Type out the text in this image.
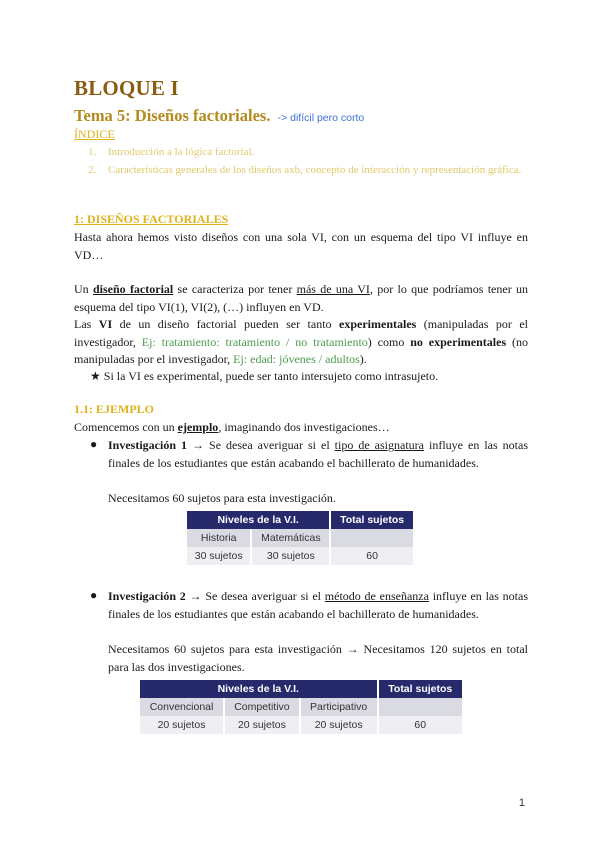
BLOQUE I
Tema 5: Diseños factoriales. -> difícil pero corto
ÍNDICE
1.	Introducción a la lógica factorial.
2.	Características generales de los diseños axb, concepto de interacción y representación gráfica.
1: DISEÑOS FACTORIALES
Hasta ahora hemos visto diseños con una sola VI, con un esquema del tipo VI influye en VD…
Un diseño factorial se caracteriza por tener más de una VI, por lo que podríamos tener un esquema del tipo VI(1), VI(2), (…) influyen en VD.
Las VI de un diseño factorial pueden ser tanto experimentales (manipuladas por el investigador, Ej: tratamiento: tratamiento / no tratamiento) como no experimentales (no manipuladas por el investigador, Ej: edad: jóvenes / adultos).
★ Si la VI es experimental, puede ser tanto intersujeto como intrasujeto.
1.1: EJEMPLO
Comencemos con un ejemplo, imaginando dos investigaciones…
● Investigación 1 → Se desea averiguar si el tipo de asignatura influye en las notas finales de los estudiantes que están acabando el bachillerato de humanidades.
Necesitamos 60 sujetos para esta investigación.
Niveles de la V.I.		Total sujetos
Historia	Matemáticas	
30 sujetos	30 sujetos	60
● Investigación 2 → Se desea averiguar si el método de enseñanza influye en las notas finales de los estudiantes que están acabando el bachillerato de humanidades.
Necesitamos 60 sujetos para esta investigación → Necesitamos 120 sujetos en total para las dos investigaciones.
Niveles de la V.I.			Total sujetos
Convencional	Competitivo	Participativo	
20 sujetos	20 sujetos	20 sujetos	60
1
